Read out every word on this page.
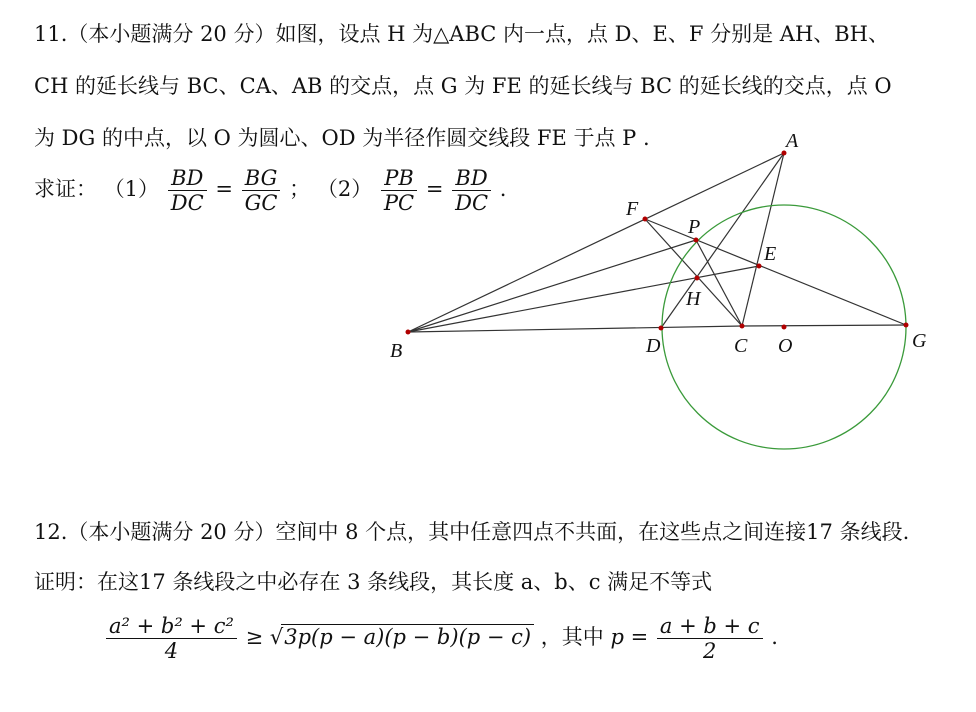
11.（本小题满分 20 分）如图，设点 H 为△ABC 内一点，点 D、E、F 分别是 AH、BH、
CH 的延长线与 BC、CA、AB 的交点，点 G 为 FE 的延长线与 BC 的延长线的交点，点 O
为 DG 的中点，以 O 为圆心、OD 为半径作圆交线段 FE 于点 P .
求证： $(1) \frac{BD}{DC} = \frac{BG}{GC}$ ； $(2) \frac{PB}{PC} = \frac{BD}{DC}$ .
A
B	C
D
E
F
G
H
O
P
12.（本小题满分 20 分）空间中 8 个点，其中任意四点不共面，在这些点之间连接17 条线段.
证明：在这17 条线段之中必存在 3 条线段，其长度 a、b、c 满足不等式
$\frac{\text{a² + b² + c²}}{4} \ge √3p(p - a)(p - b)(p - c)$ ，其中 $p = \frac{a + b + c}{2}$ .
